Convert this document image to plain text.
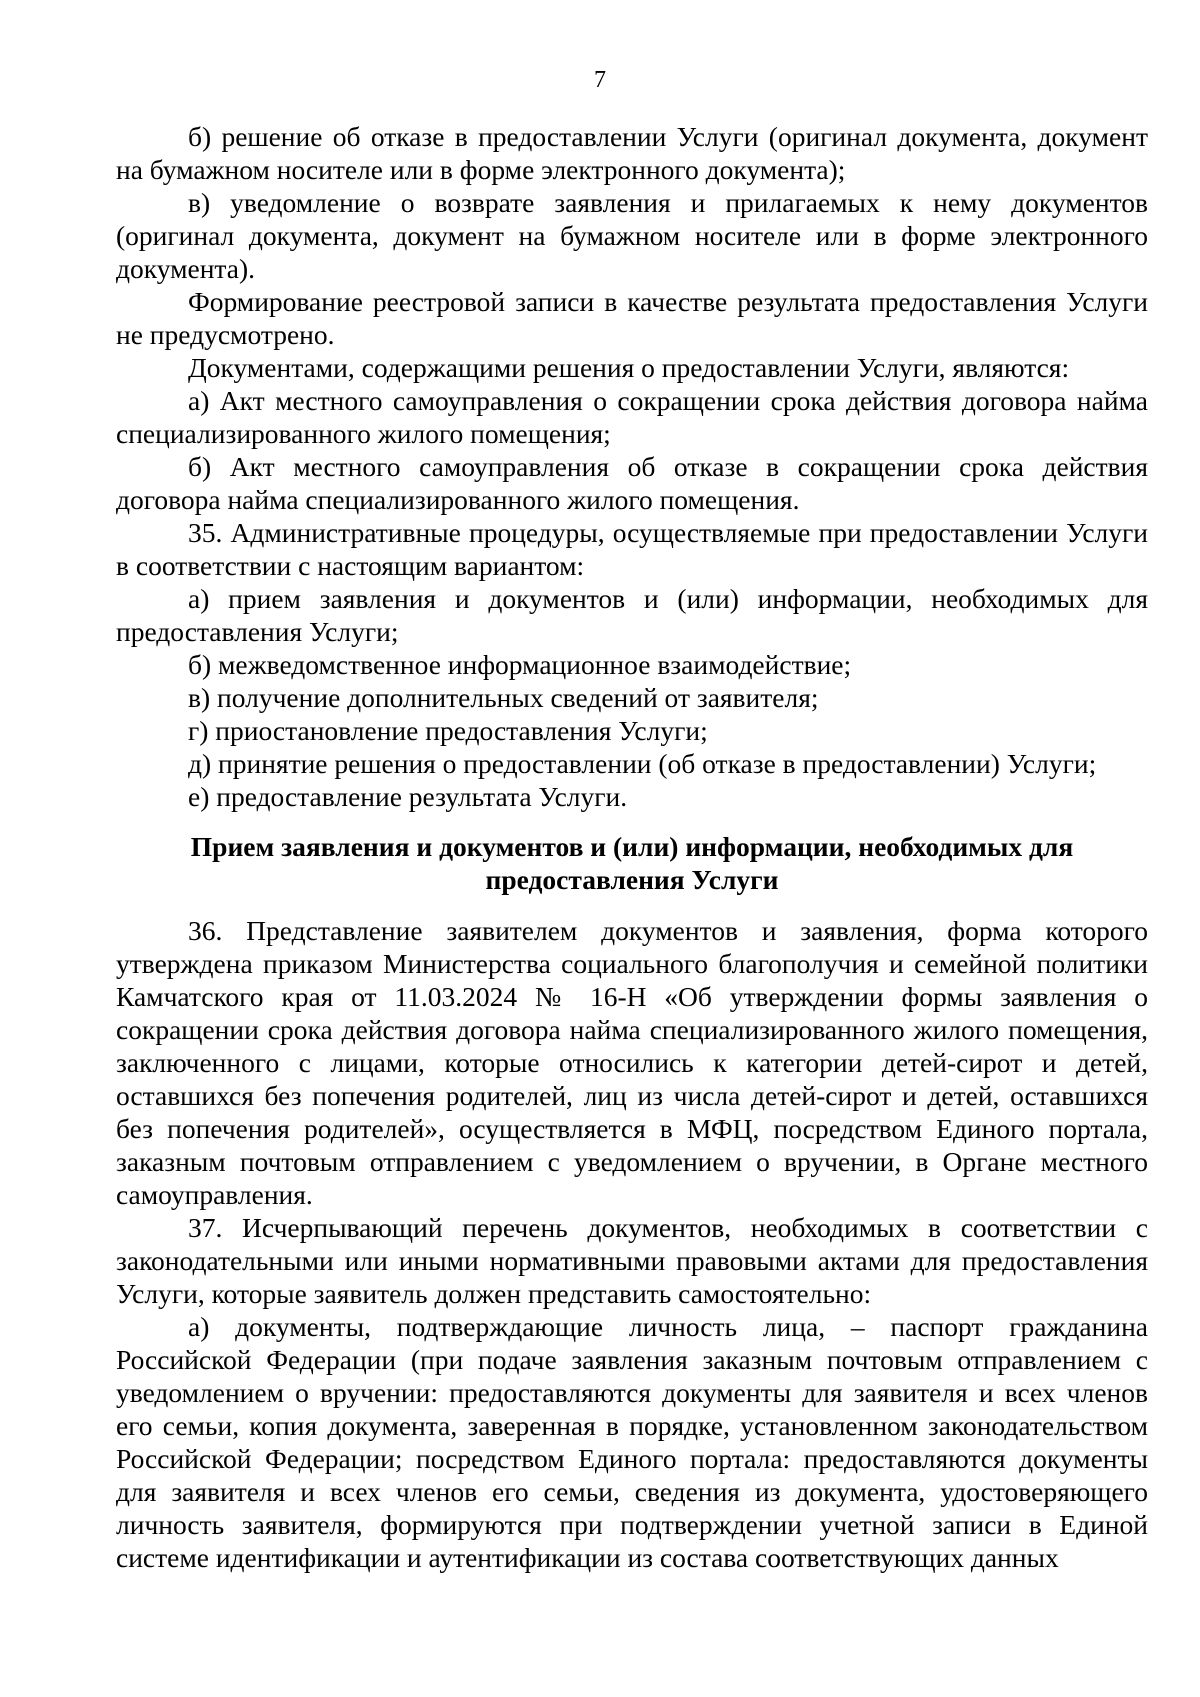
7

б) решение об отказе в предоставлении Услуги (оригинал документа, документ на бумажном носителе или в форме электронного документа);

в) уведомление о возврате заявления и прилагаемых к нему документов (оригинал документа, документ на бумажном носителе или в форме электронного документа).

Формирование реестровой записи в качестве результата предоставления Услуги не предусмотрено.

Документами, содержащими решения о предоставлении Услуги, являются:

а) Акт местного самоуправления о сокращении срока действия договора найма специализированного жилого помещения;

б) Акт местного самоуправления об отказе в сокращении срока действия договора найма специализированного жилого помещения.

35. Административные процедуры, осуществляемые при предоставлении Услуги в соответствии с настоящим вариантом:

а) прием заявления и документов и (или) информации, необходимых для предоставления Услуги;

б) межведомственное информационное взаимодействие;

в) получение дополнительных сведений от заявителя;

г) приостановление предоставления Услуги;

д) принятие решения о предоставлении (об отказе в предоставлении) Услуги;

е) предоставление результата Услуги.

Прием заявления и документов и (или) информации, необходимых для
предоставления Услуги

36. Представление заявителем документов и заявления, форма которого утверждена приказом Министерства социального благополучия и семейной политики Камчатского края от 11.03.2024 № 16-Н «Об утверждении формы заявления о сокращении срока действия договора найма специализированного жилого помещения, заключенного с лицами, которые относились к категории детей-сирот и детей, оставшихся без попечения родителей, лиц из числа детей-сирот и детей, оставшихся без попечения родителей», осуществляется в МФЦ, посредством Единого портала, заказным почтовым отправлением с уведомлением о вручении, в Органе местного самоуправления.

37. Исчерпывающий перечень документов, необходимых в соответствии с законодательными или иными нормативными правовыми актами для предоставления Услуги, которые заявитель должен представить самостоятельно:

а) документы, подтверждающие личность лица, – паспорт гражданина Российской Федерации (при подаче заявления заказным почтовым отправлением с уведомлением о вручении: предоставляются документы для заявителя и всех членов его семьи, копия документа, заверенная в порядке, установленном законодательством Российской Федерации; посредством Единого портала: предоставляются документы для заявителя и всех членов его семьи, сведения из документа, удостоверяющего личность заявителя, формируются при подтверждении учетной записи в Единой системе идентификации и аутентификации из состава соответствующих данных
